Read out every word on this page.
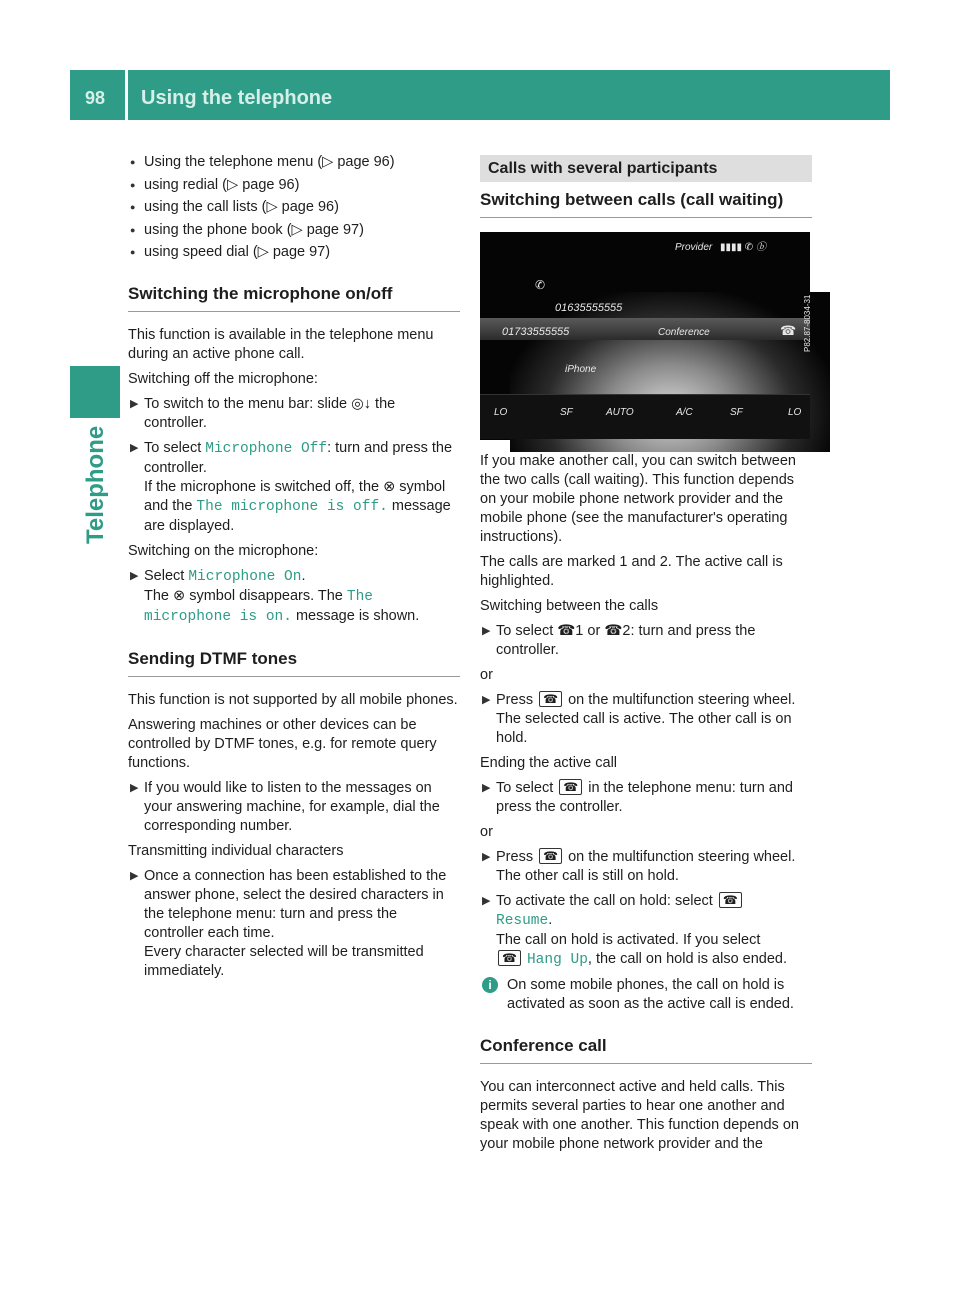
98 Using the telephone
Telephone

● Using the telephone menu (▷ page 96)

● using redial (▷ page 96)

● using the call lists (▷ page 96)

● using the phone book (▷ page 97)

● using speed dial (▷ page 97)

Switching the microphone on/off

This function is available in the telephone menu during an active phone call.

Switching off the microphone:

▶ To switch to the menu bar: slide ◎↓ the controller.

▶ To select Microphone Off: turn and press the controller.
If the microphone is switched off, the ⊗ symbol and the The microphone is off. message are displayed.

Switching on the microphone:

▶ Select Microphone On.
The ⊗ symbol disappears. The The microphone is on. message is shown.

Sending DTMF tones

This function is not supported by all mobile phones.

Answering machines or other devices can be controlled by DTMF tones, e.g. for remote query functions.

▶ If you would like to listen to the messages on your answering machine, for example, dial the corresponding number.

Transmitting individual characters

▶ Once a connection has been established to the answer phone, select the desired characters in the telephone menu: turn and press the controller each time.
Every character selected will be transmitted immediately.

Calls with several participants
Switching between calls (call waiting)
Provider ▮▮▮▮ ✆ ⓑ
✆
01635555555
01733555555	Conference	☎
iPhone
P82.87-8034-31
LO	SF	AUTO	A/C	SF	LO

If you make another call, you can switch between the two calls (call waiting). This function depends on your mobile phone network provider and the mobile phone (see the manufacturer's operating instructions).

The calls are marked 1 and 2. The active call is highlighted.

Switching between the calls

▶ To select ☎1 or ☎2: turn and press the controller.

or

▶ Press ☎ on the multifunction steering wheel.
The selected call is active. The other call is on hold.

Ending the active call

▶ To select ☎ in the telephone menu: turn and press the controller.

or

▶ Press ☎ on the multifunction steering wheel.
The other call is still on hold.

▶ To activate the call on hold: select ☎
Resume.
The call on hold is activated. If you select
☎ Hang Up, the call on hold is also ended.

i	On some mobile phones, the call on hold is activated as soon as the active call is ended.

Conference call

You can interconnect active and held calls. This permits several parties to hear one another and speak with one another. This function depends on your mobile phone network provider and the
